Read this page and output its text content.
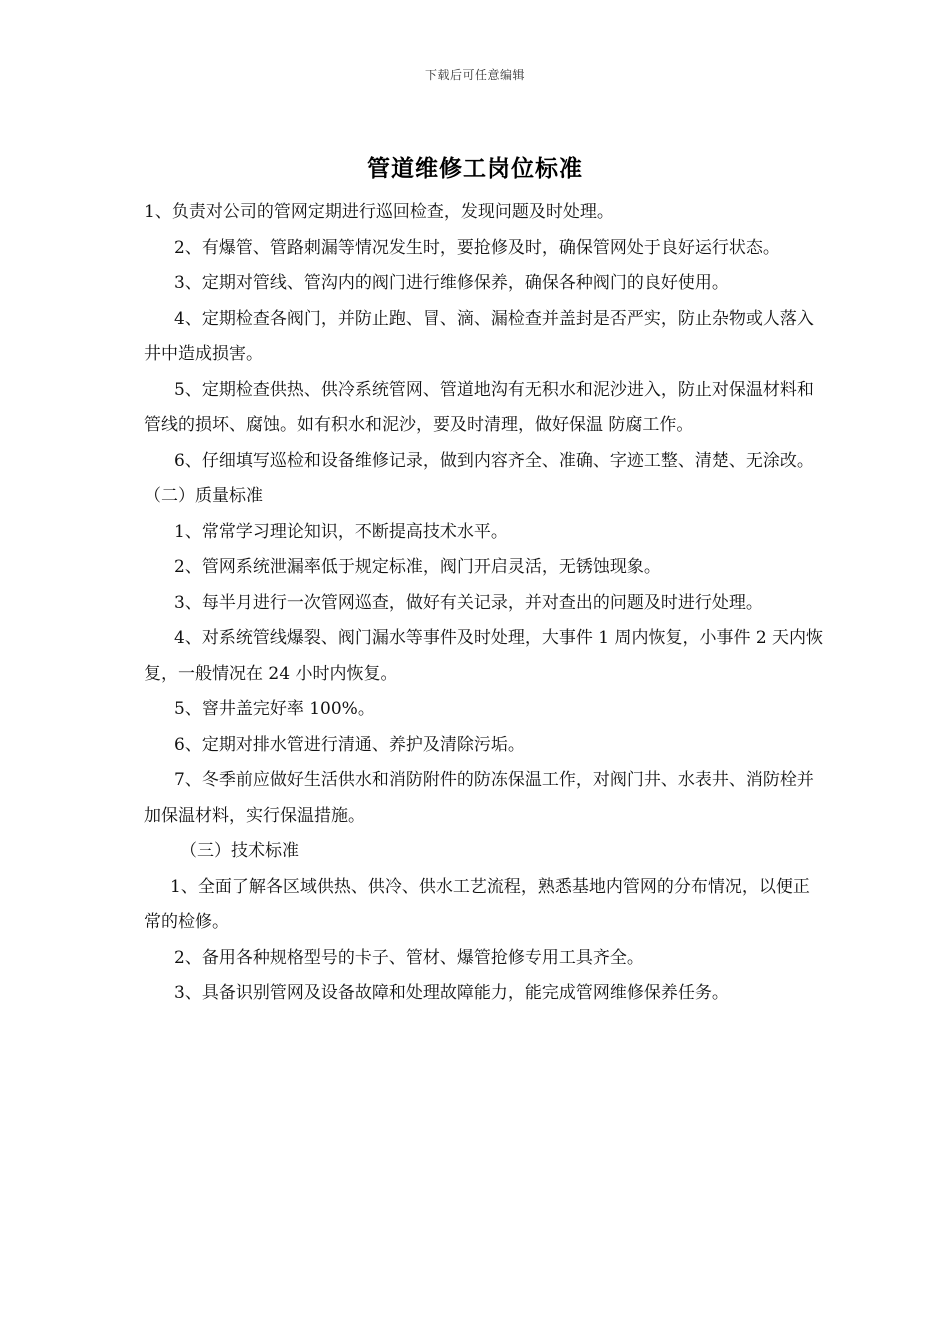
下载后可任意编辑
管道维修工岗位标准

1、负责对公司的管网定期进行巡回检查，发现问题及时处理。

2、有爆管、管路刺漏等情况发生时，要抢修及时，确保管网处于良好运行状态。

3、定期对管线、管沟内的阀门进行维修保养，确保各种阀门的良好使用。

4、定期检查各阀门，并防止跑、冒、滴、漏检查并盖封是否严实，防止杂物或人落入井中造成损害。

5、定期检查供热、供冷系统管网、管道地沟有无积水和泥沙进入，防止对保温材料和管线的损坏、腐蚀。如有积水和泥沙，要及时清理，做好保温 防腐工作。

6、仔细填写巡检和设备维修记录，做到内容齐全、准确、字迹工整、清楚、无涂改。（二）质量标准

1、常常学习理论知识，不断提高技术水平。

2、管网系统泄漏率低于规定标准，阀门开启灵活，无锈蚀现象。

3、每半月进行一次管网巡查，做好有关记录，并对查出的问题及时进行处理。

4、对系统管线爆裂、阀门漏水等事件及时处理，大事件 1 周内恢复，小事件 2 天内恢复，一般情况在 24 小时内恢复。

5、窨井盖完好率 100%。

6、定期对排水管进行清通、养护及清除污垢。

7、冬季前应做好生活供水和消防附件的防冻保温工作，对阀门井、水表井、消防栓并加保温材料，实行保温措施。

（三）技术标准

1、全面了解各区域供热、供冷、供水工艺流程，熟悉基地内管网的分布情况，以便正常的检修。

2、备用各种规格型号的卡子、管材、爆管抢修专用工具齐全。

3、具备识别管网及设备故障和处理故障能力，能完成管网维修保养任务。
